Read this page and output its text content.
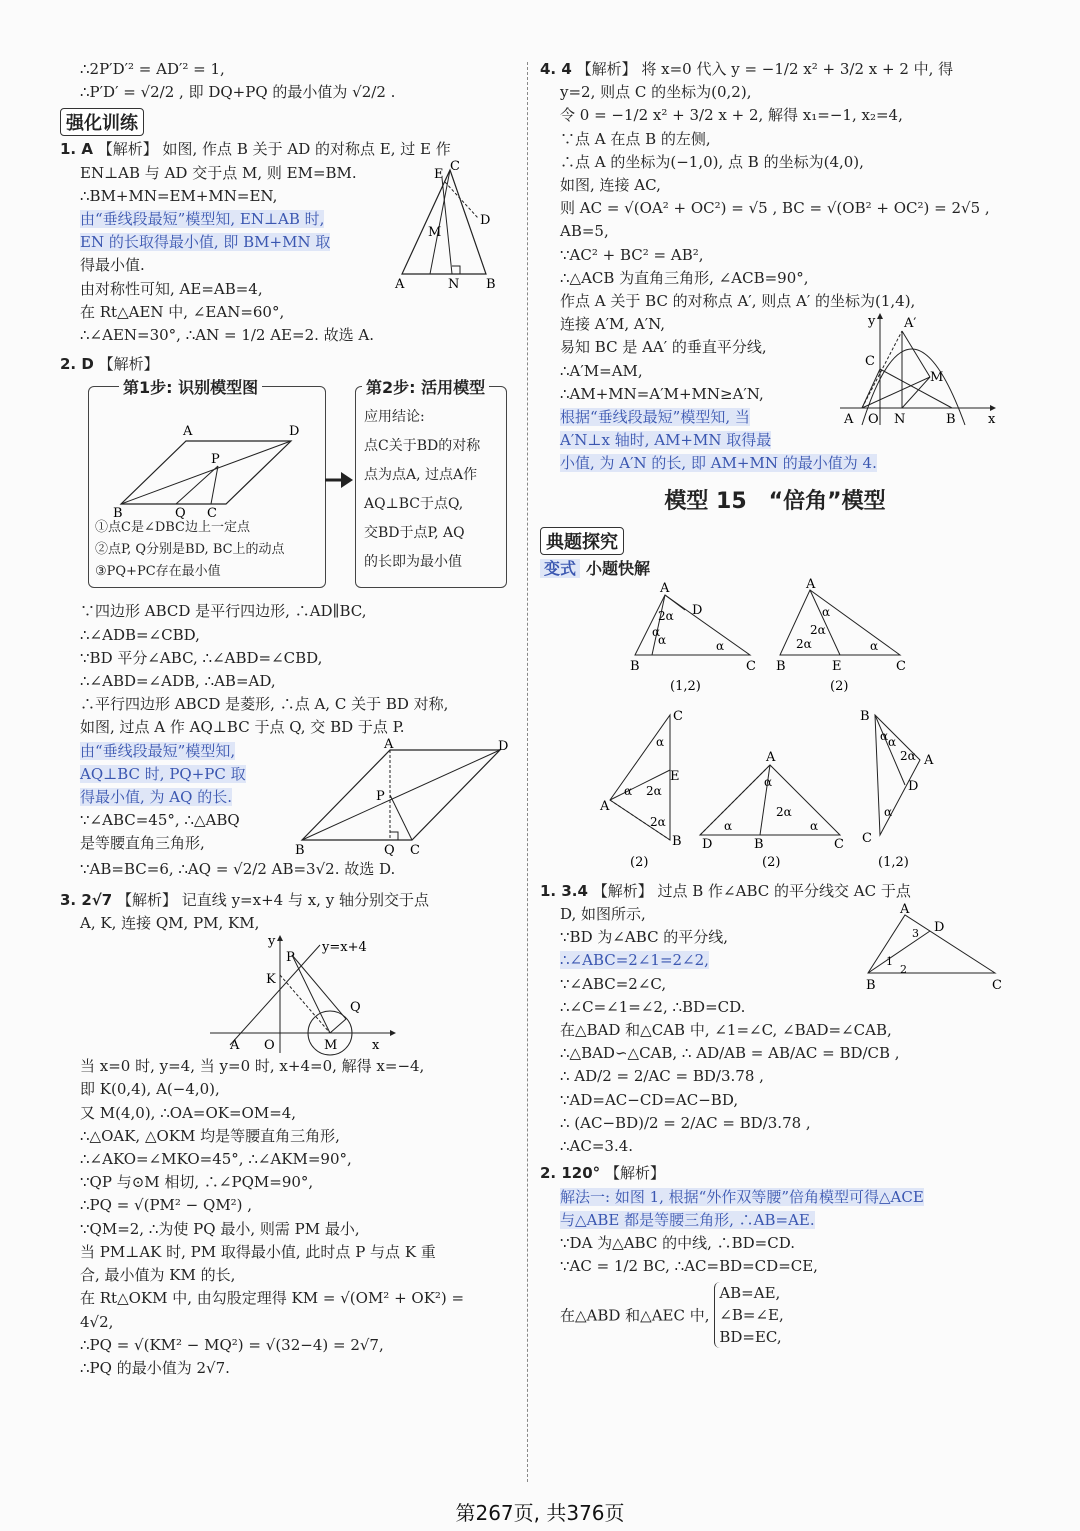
∴2P′D′² = AD′² = 1,
∴P′D′ = √2/2 , 即 DQ+PQ 的最小值为 √2/2 .
强化训练
1. A 【解析】 如图, 作点 B 关于 AD 的对称点 E, 过 E 作
EN⊥AB 与 AD 交于点 M, 则 EM=BM.
∴BM+MN=EM+MN=EN,
由“垂线段最短”模型知, EN⊥AB 时,
EN 的长取得最小值, 即 BM+MN 取
得最小值.
由对称性可知, AE=AB=4,
在 Rt△AEN 中, ∠EAN=60°,
A	N B
C
E
D
M
∴∠AEN=30°, ∴AN = 1/2 AE=2. 故选 A.
2. D 【解析】
第1步: 识别模型图
A	D
B	Q C
P
①点C是∠DBC边上一定点
②点P, Q分别是BD, BC上的动点
③PQ+PC存在最小值
第2步: 活用模型
应用结论:
点C关于BD的对称
点为点A, 过点A作
AQ⊥BC于点Q,
交BD于点P, AQ
的长即为最小值
∵四边形 ABCD 是平行四边形, ∴AD∥BC,
∴∠ADB=∠CBD,
∵BD 平分∠ABC, ∴∠ABD=∠CBD,
∴∠ABD=∠ADB, ∴AB=AD,
∴平行四边形 ABCD 是菱形, ∴点 A, C 关于 BD 对称,
如图, 过点 A 作 AQ⊥BC 于点 Q, 交 BD 于点 P.
由“垂线段最短”模型知,
AQ⊥BC 时, PQ+PC 取
得最小值, 为 AQ 的长.
∵∠ABC=45°, ∴△ABQ
是等腰直角三角形,
A	D
B	Q C
P
∵AB=BC=6, ∴AQ = √2/2 AB=3√2. 故选 D.
3. 2√7 【解析】 记直线 y=x+4 与 x, y 轴分别交于点
A, K, 连接 QM, PM, KM,
y	y=x+4
P
K
Q
A O	M	x
当 x=0 时, y=4, 当 y=0 时, x+4=0, 解得 x=−4,
即 K(0,4), A(−4,0),
又 M(4,0), ∴OA=OK=OM=4,
∴△OAK, △OKM 均是等腰直角三角形,
∴∠AKO=∠MKO=45°, ∴∠AKM=90°,
∵QP 与⊙M 相切, ∴∠PQM=90°,
∴PQ = √(PM² − QM²) ,
∵QM=2, ∴为使 PQ 最小, 则需 PM 最小,
当 PM⊥AK 时, PM 取得最小值, 此时点 P 与点 K 重
合, 最小值为 KM 的长,
在 Rt△OKM 中, 由勾股定理得 KM = √(OM² + OK²) =
4√2,
∴PQ = √(KM² − MQ²) = √(32−4) = 2√7,
∴PQ 的最小值为 2√7.
4. 4 【解析】 将 x=0 代入 y = −1/2 x² + 3/2 x + 2 中, 得
y=2, 则点 C 的坐标为(0,2),
令 0 = −1/2 x² + 3/2 x + 2, 解得 x₁=−1, x₂=4,
∵点 A 在点 B 的左侧,
∴点 A 的坐标为(−1,0), 点 B 的坐标为(4,0),
如图, 连接 AC,
则 AC = √(OA² + OC²) = √5 , BC = √(OB² + OC²) = 2√5 ,
AB=5,
∵AC² + BC² = AB²,
∴△ACB 为直角三角形, ∠ACB=90°,
作点 A 关于 BC 的对称点 A′, 则点 A′ 的坐标为(1,4),
连接 A′M, A′N,
易知 BC 是 AA′ 的垂直平分线,
∴A′M=AM,
∴AM+MN=A′M+MN≥A′N,
根据“垂线段最短”模型知, 当
A′N⊥x 轴时, AM+MN 取得最
y A′
C
M
A O N	B x
小值, 为 A′N 的长, 即 AM+MN 的最小值为 4.
模型 15　“倍角”模型
典题探究
变式 小题快解
A
D
B	C
2α
α
α	α
(1,2)
A
B	E	C
α
2α
2α	α
(2)
C
E
A
B
α
α 2α
2α
(2)
A
D	B	C
α
2α
α	α
(2)
B
A
D
C
α α
2α
α
(1,2)
1. 3.4 【解析】 过点 B 作∠ABC 的平分线交 AC 于点
D, 如图所示,
∵BD 为∠ABC 的平分线,
∴∠ABC=2∠1=2∠2,
∵∠ABC=2∠C,
A
D
B	C
1
2
3
∴∠C=∠1=∠2, ∴BD=CD.
在△BAD 和△CAB 中, ∠1=∠C, ∠BAD=∠CAB,
∴△BAD∽△CAB, ∴ AD/AB = AB/AC = BD/CB ,
∴ AD/2 = 2/AC = BD/3.78 ,
∵AD=AC−CD=AC−BD,
∴ (AC−BD)/2 = 2/AC = BD/3.78 ,
∴AC=3.4.
2. 120° 【解析】
解法一: 如图 1, 根据“外作双等腰”倍角模型可得△ACE
与△ABE 都是等腰三角形, ∴AB=AE.
∵DA 为△ABC 的中线, ∴BD=CD.
∵AC = 1/2 BC, ∴AC=BD=CD=CE,
在△ABD 和△AEC 中,
AB=AE,
∠B=∠E,
BD=EC,
第267页, 共376页
